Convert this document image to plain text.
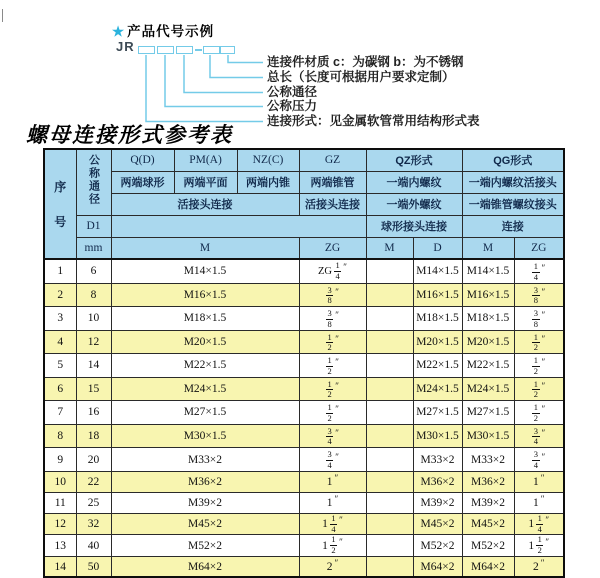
★ 产品代号示例
JR
连接件材质 c：为碳钢 b：为不锈钢
总长（长度可根据用户要求定制）
公称通径
公称压力
连接形式：见金属软管常用结构形式表
螺母连接形式参考表
序
号	公称通径	Q(D)	PM(A)	NZ(C)	GZ	QZ形式		QG形式	
		两端球形	两端平面	两端内锥	两端锥管	一端内螺纹		一端内螺纹活接头	
		活接头连接			活接头连接	一端外螺纹		一端锥管螺纹接头	
	D1					球形接头连接		连接	
	mm	M			ZG	M	D	M	ZG
1	6	M14×1.5			ZG $\frac{1}{4}$ ″		M14×1.5	M14×1.5	$\frac{1}{4}$ ″

2	8	M16×1.5			$\frac{3}{8}$ ″		M16×1.5	M16×1.5	$\frac{3}{8}$ ″

3	10	M18×1.5			$\frac{3}{8}$ ″		M18×1.5	M18×1.5	$\frac{3}{8}$ ″

4	12	M20×1.5			$\frac{1}{2}$ ″		M20×1.5	M20×1.5	$\frac{1}{2}$ ″

5	14	M22×1.5			$\frac{1}{2}$ ″		M22×1.5	M22×1.5	$\frac{1}{2}$ ″

6	15	M24×1.5			$\frac{1}{2}$ ″		M24×1.5	M24×1.5	$\frac{1}{2}$ ″

7	16	M27×1.5			$\frac{1}{2}$ ″		M27×1.5	M27×1.5	$\frac{1}{2}$ ″

8	18	M30×1.5			$\frac{3}{4}$ ″		M30×1.5	M30×1.5	$\frac{3}{4}$ ″

9	20	M33×2			$\frac{3}{4}$ ″		M33×2	M33×2	$\frac{3}{4}$ ″

10	22	M36×2			1 ″		M36×2	M36×2	1 ″

11	25	M39×2			1 ″		M39×2	M39×2	1 ″

12	32	M45×2			$1 \frac{1}{4}$ ″		M45×2	M45×2	$1 \frac{1}{4}$ ″

13	40	M52×2			$1 \frac{1}{2}$ ″		M52×2	M52×2	$1 \frac{1}{2}$ ″

14	50	M64×2			2 ″		M64×2	M64×2	2 ″
